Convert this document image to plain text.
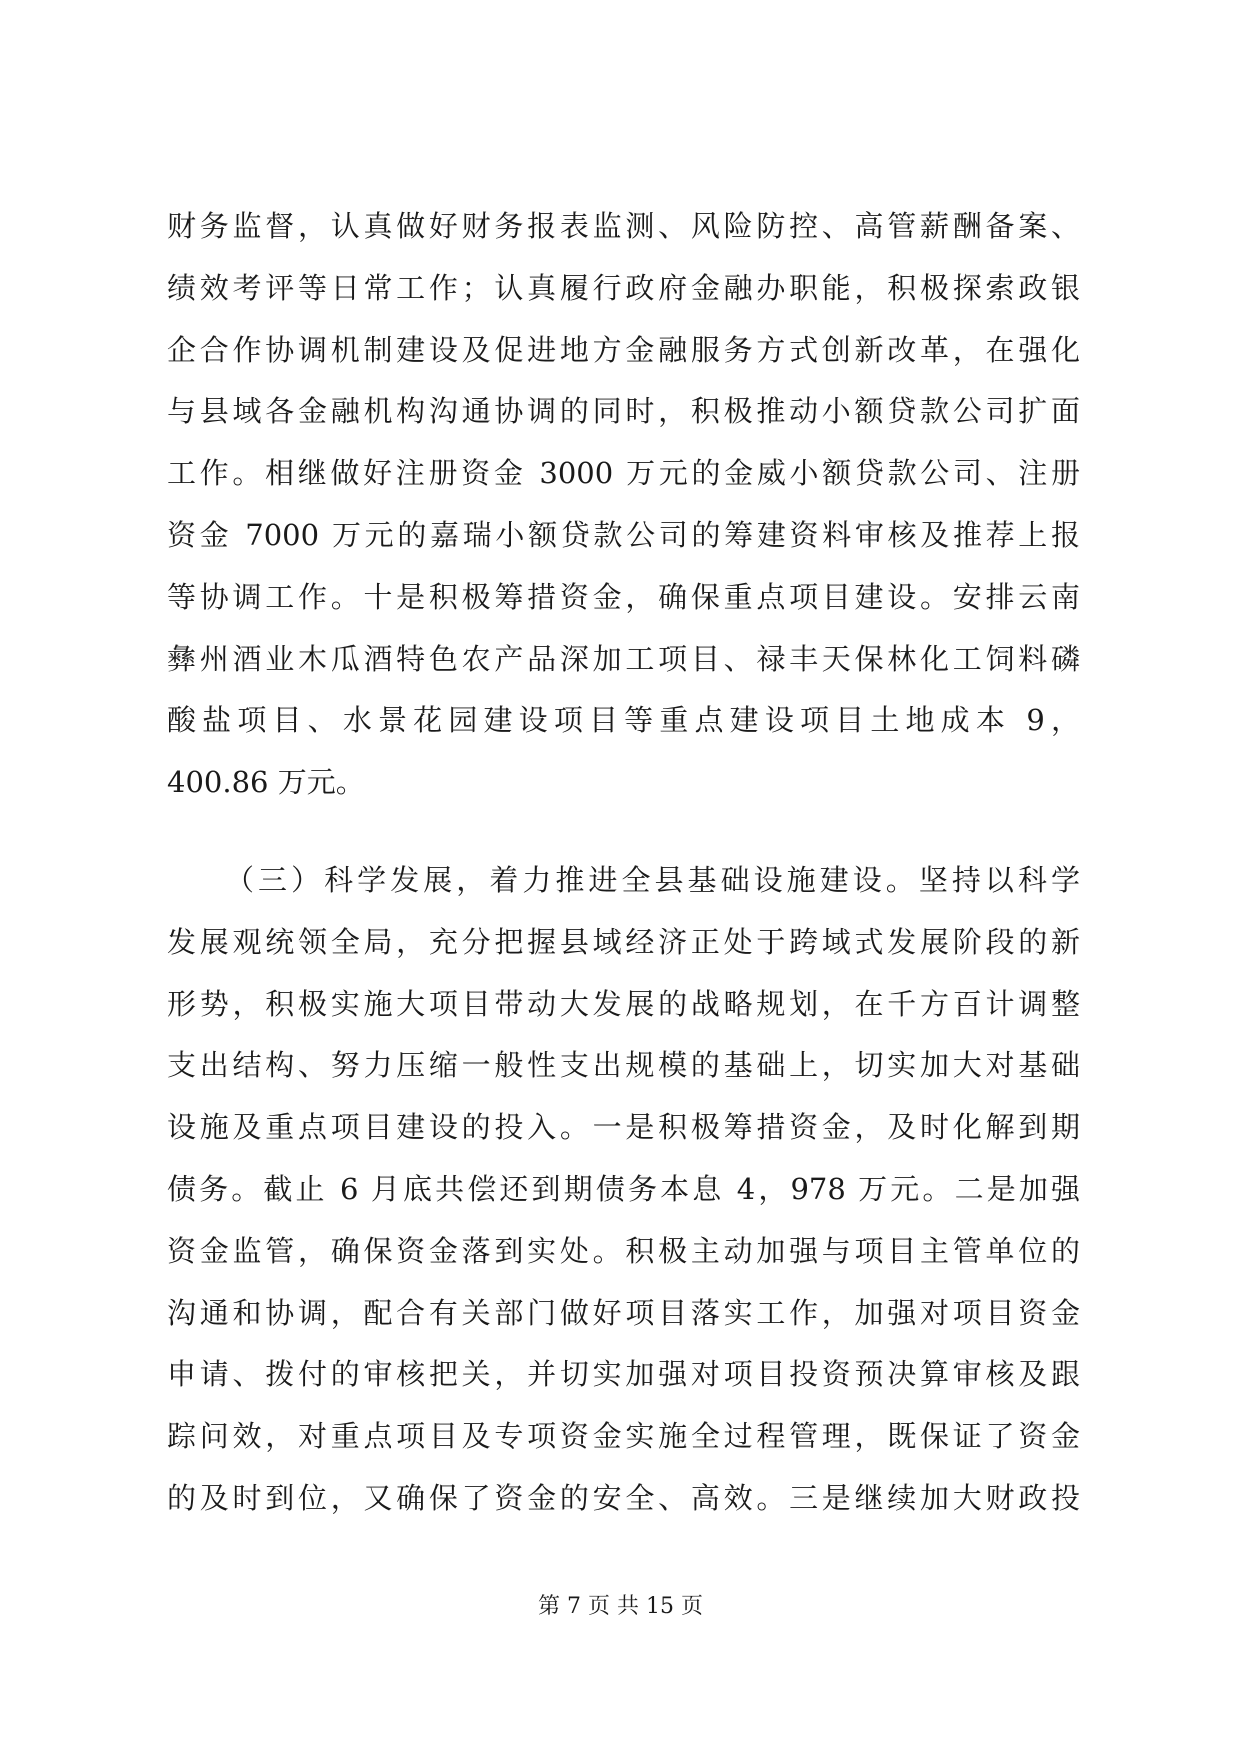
财务监督，认真做好财务报表监测、风险防控、高管薪酬备案、
绩效考评等日常工作；认真履行政府金融办职能，积极探索政银
企合作协调机制建设及促进地方金融服务方式创新改革，在强化
与县域各金融机构沟通协调的同时，积极推动小额贷款公司扩面
工作。相继做好注册资金 3000 万元的金威小额贷款公司、注册
资金 7000 万元的嘉瑞小额贷款公司的筹建资料审核及推荐上报
等协调工作。十是积极筹措资金，确保重点项目建设。安排云南
彝州酒业木瓜酒特色农产品深加工项目、禄丰天保林化工饲料磷
酸盐项目、水景花园建设项目等重点建设项目土地成本 9，
400.86 万元。
（三）科学发展，着力推进全县基础设施建设。坚持以科学
发展观统领全局，充分把握县域经济正处于跨域式发展阶段的新
形势，积极实施大项目带动大发展的战略规划，在千方百计调整
支出结构、努力压缩一般性支出规模的基础上，切实加大对基础
设施及重点项目建设的投入。一是积极筹措资金，及时化解到期
债务。截止 6 月底共偿还到期债务本息 4，978 万元。二是加强
资金监管，确保资金落到实处。积极主动加强与项目主管单位的
沟通和协调，配合有关部门做好项目落实工作，加强对项目资金
申请、拨付的审核把关，并切实加强对项目投资预决算审核及跟
踪问效，对重点项目及专项资金实施全过程管理，既保证了资金
的及时到位，又确保了资金的安全、高效。三是继续加大财政投
第 7 页 共 15 页
